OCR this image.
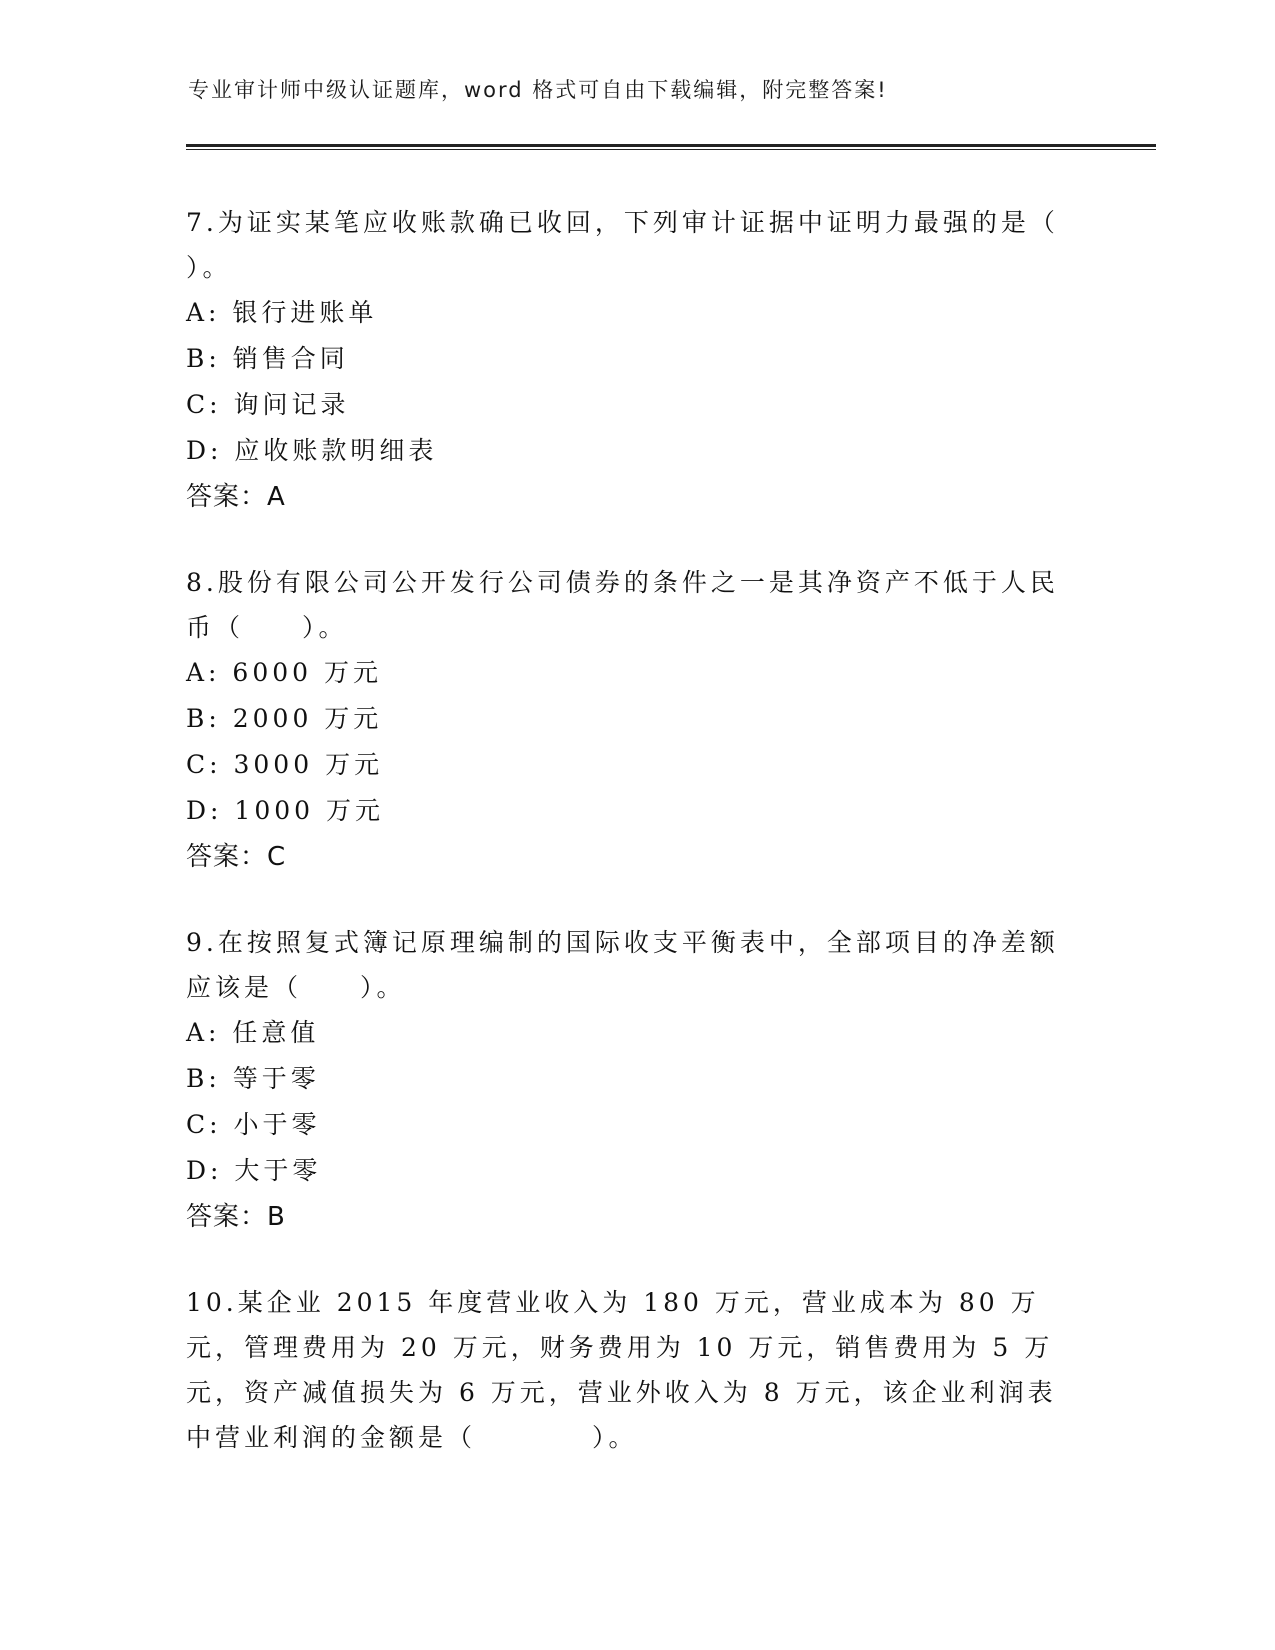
专业审计师中级认证题库，word 格式可自由下载编辑，附完整答案!

7.为证实某笔应收账款确已收回，下列审计证据中证明力最强的是（ ）。

A: 银行进账单

B: 销售合同

C: 询问记录

D: 应收账款明细表

答案：A

8.股份有限公司公开发行公司债券的条件之一是其净资产不低于人民币（　　）。

A: 6000 万元

B: 2000 万元

C: 3000 万元

D: 1000 万元

答案：C

9.在按照复式簿记原理编制的国际收支平衡表中，全部项目的净差额应该是（　　）。

A: 任意值

B: 等于零

C: 小于零

D: 大于零

答案：B

10.某企业 2015 年度营业收入为 180 万元，营业成本为 80 万元，管理费用为 20 万元，财务费用为 10 万元，销售费用为 5 万元，资产减值损失为 6 万元，营业外收入为 8 万元，该企业利润表中营业利润的金额是（　　　　）。
